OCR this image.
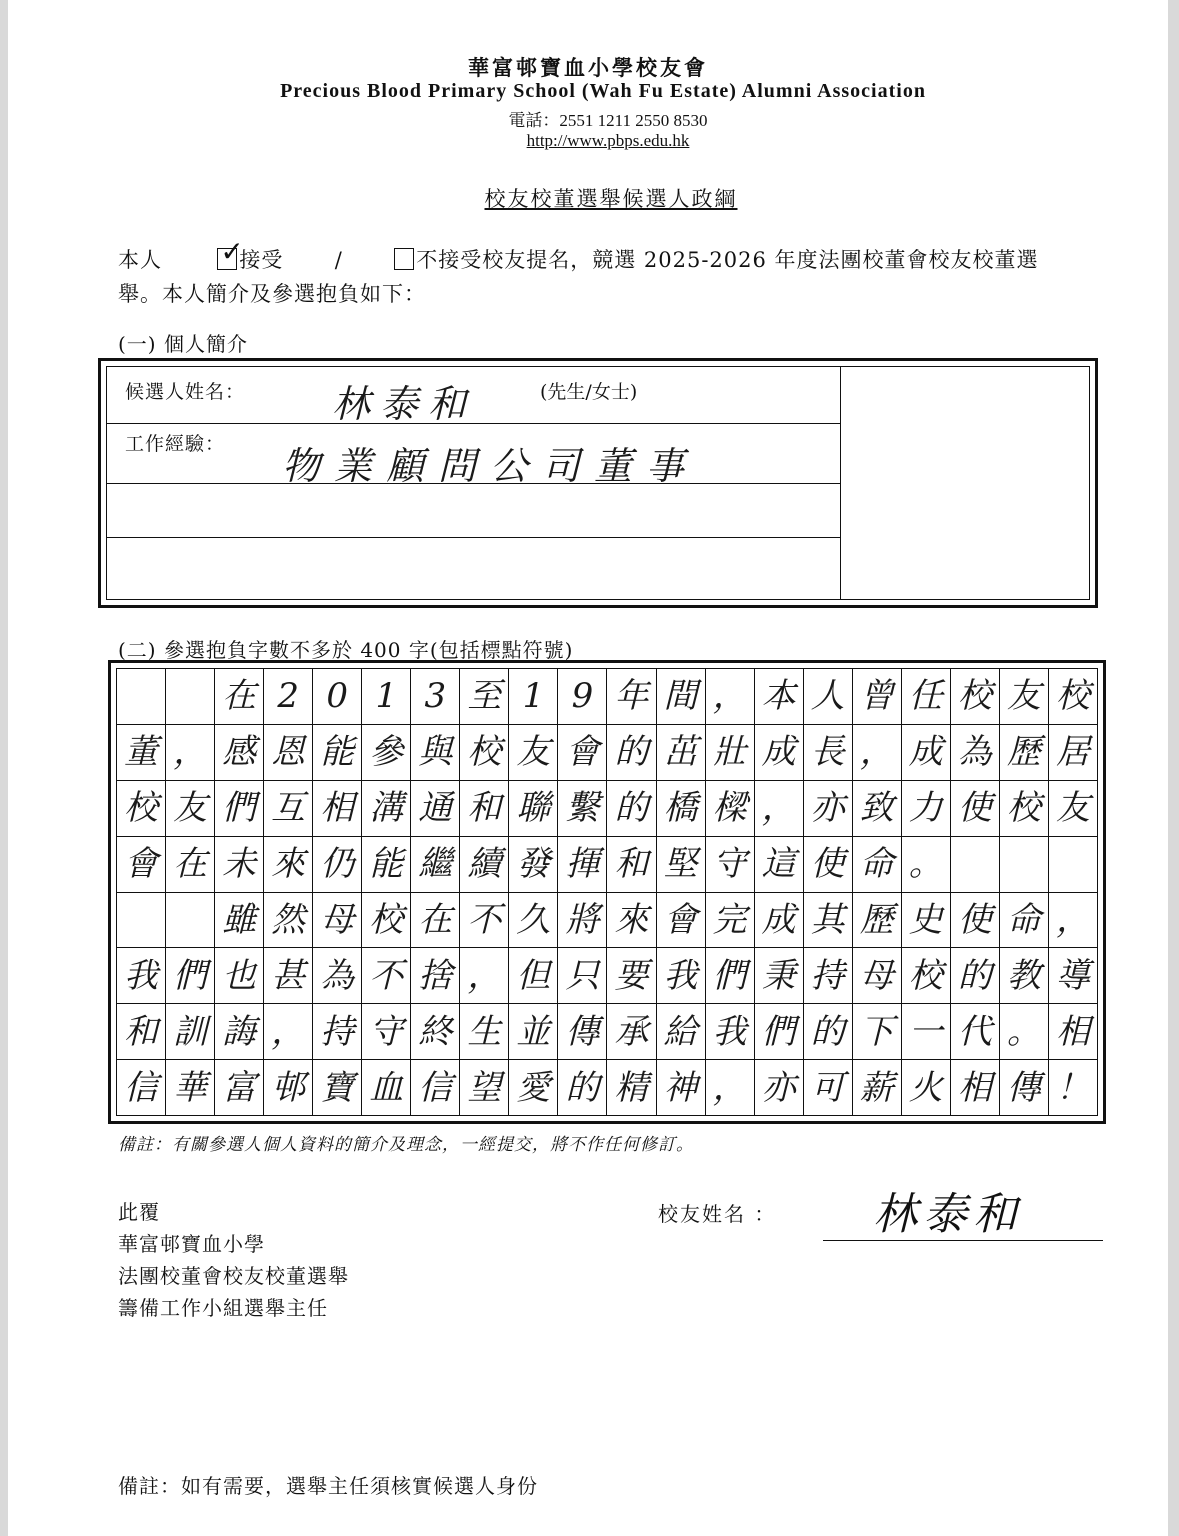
華富邨寶血小學校友會
Precious Blood Primary School (Wah Fu Estate) Alumni Association
電話：2551 1211 2550 8530
http://www.pbps.edu.hk
校友校董選舉候選人政綱
本人 ✓
接受 /	不接受校友提名，競選 2025-2026 年度法團校董會校友校董選
舉。本人簡介及參選抱負如下：
(一) 個人簡介
候選人姓名： 林泰和	(先生/女士)
工作經驗： 物業顧問公司董事
(二) 參選抱負字數不多於 400 字(包括標點符號)
		在	2	0	1	3	至	1	9	年	間	，	本	人	曾	任	校	友	校
董	，	感	恩	能	參	與	校	友	會	的	茁	壯	成	長	，	成	為	歷	居
校	友	們	互	相	溝	通	和	聯	繫	的	橋	樑	，	亦	致	力	使	校	友
會	在	未	來	仍	能	繼	續	發	揮	和	堅	守	這	使	命	。			
		雖	然	母	校	在	不	久	將	來	會	完	成	其	歷	史	使	命	，
我	們	也	甚	為	不	捨	，	但	只	要	我	們	秉	持	母	校	的	教	導
和	訓	誨	，	持	守	終	生	並	傳	承	給	我	們	的	下	一	代	。	相
信	華	富	邨	寶	血	信	望	愛	的	精	神	，	亦	可	薪	火	相	傳	！
備註：有關參選人個人資料的簡介及理念，一經提交，將不作任何修訂。
此覆
華富邨寶血小學
法團校董會校友校董選舉
籌備工作小組選舉主任
校友姓名 ： 林泰和
備註：如有需要，選舉主任須核實候選人身份
